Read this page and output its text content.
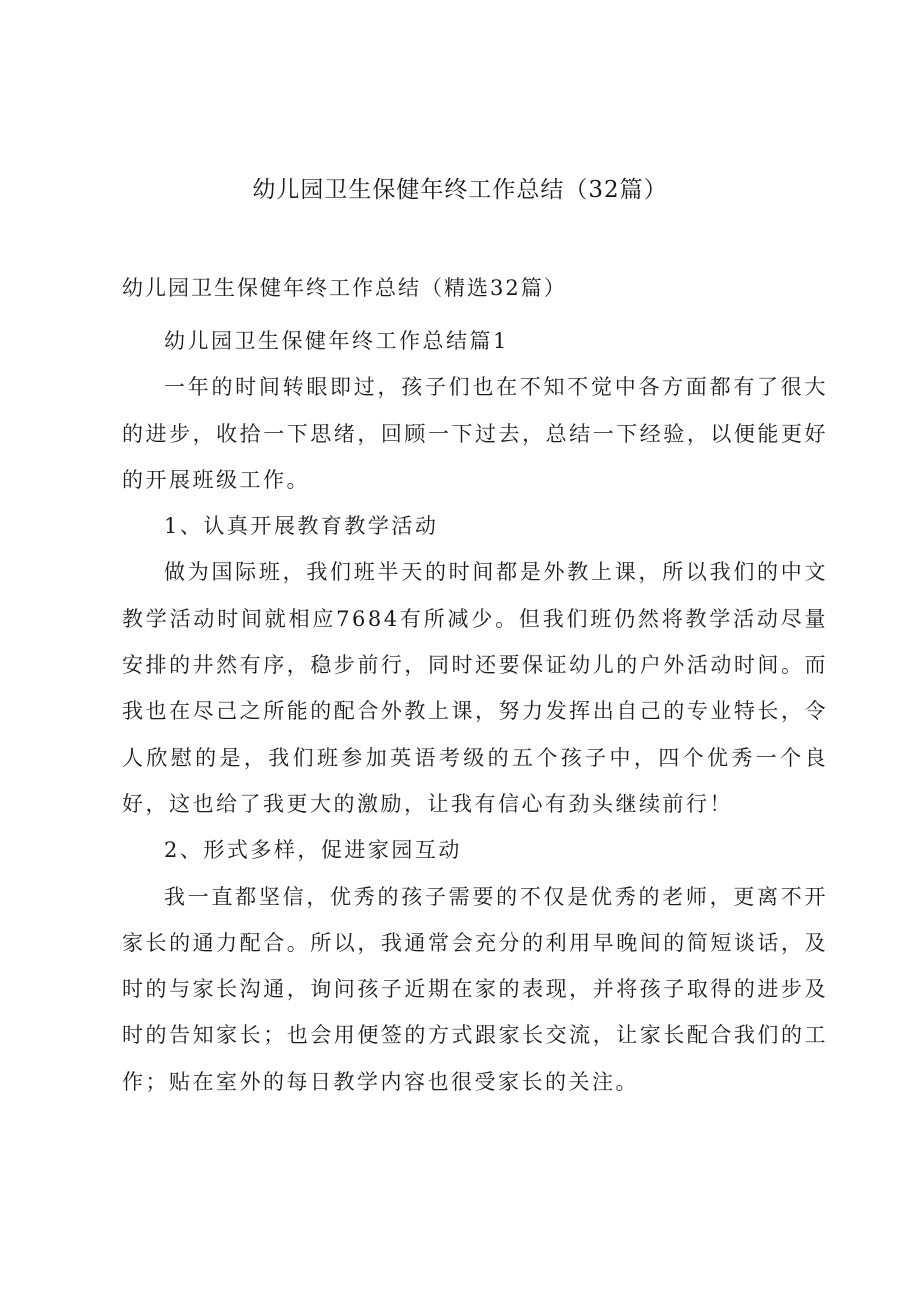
幼儿园卫生保健年终工作总结（32篇）
幼儿园卫生保健年终工作总结（精选32篇）

幼儿园卫生保健年终工作总结篇1

一年的时间转眼即过，孩子们也在不知不觉中各方面都有了很大的进步，收拾一下思绪，回顾一下过去，总结一下经验，以便能更好的开展班级工作。

1、认真开展教育教学活动

做为国际班，我们班半天的时间都是外教上课，所以我们的中文教学活动时间就相应7684有所减少。但我们班仍然将教学活动尽量安排的井然有序，稳步前行，同时还要保证幼儿的户外活动时间。而我也在尽己之所能的配合外教上课，努力发挥出自己的专业特长，令人欣慰的是，我们班参加英语考级的五个孩子中，四个优秀一个良好，这也给了我更大的激励，让我有信心有劲头继续前行！

2、形式多样，促进家园互动

我一直都坚信，优秀的孩子需要的不仅是优秀的老师，更离不开家长的通力配合。所以，我通常会充分的利用早晚间的简短谈话，及时的与家长沟通，询问孩子近期在家的表现，并将孩子取得的进步及时的告知家长；也会用便签的方式跟家长交流，让家长配合我们的工作；贴在室外的每日教学内容也很受家长的关注。
